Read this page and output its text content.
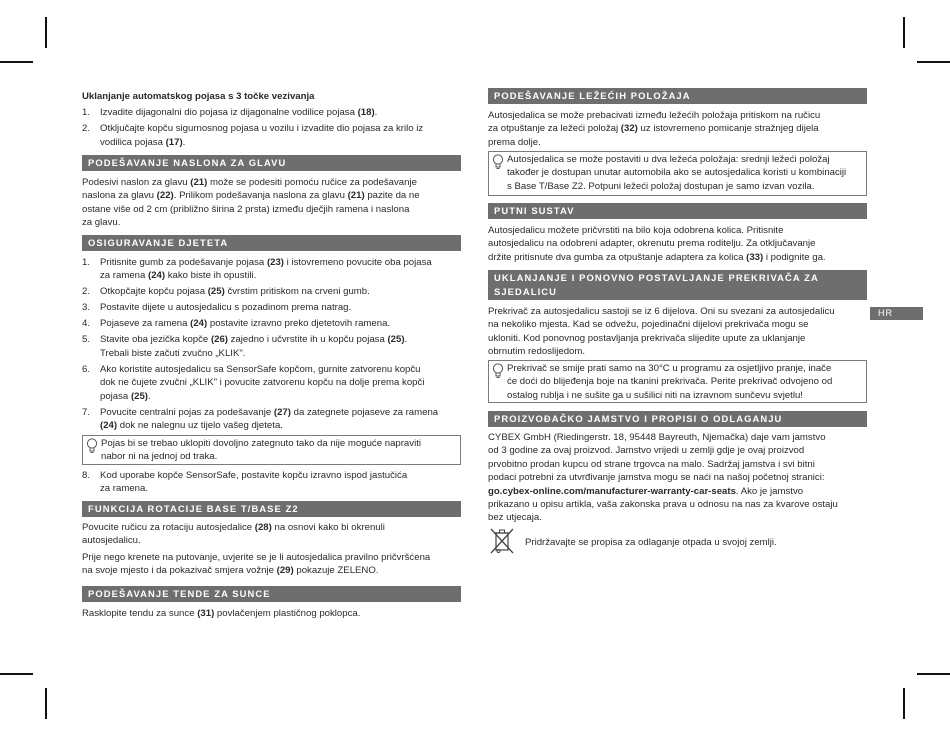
Uklanjanje automatskog pojasa s 3 točke vezivanja
PODEŠAVANJE NASLONA ZA GLAVU
OSIGURAVANJE DJETETA
FUNKCIJA ROTACIJE BASE T/BASE Z2
PODEŠAVANJE TENDE ZA SUNCE
PODEŠAVANJE LEŽEĆIH POLOŽAJA
PUTNI SUSTAV
UKLANJANJE I PONOVNO POSTAVLJANJE PREKRIVAČA ZA
SJEDALICU
PROIZVOĐAČKO JAMSTVO I PROPISI O ODLAGANJU
Pridržavajte se propisa za odlaganje otpada u svojoj zemlji.
HR
Podesivi naslon za glavu (21) može se podesiti pomoću ručice za podešavanje
naslona za glavu (22). Prilikom podešavanja naslona za glavu (21) pazite da ne
ostane više od 2 cm (približno širina 2 prsta) između dječjih ramena i naslona
za glavu.
Pojas bi se trebao uklopiti dovoljno zategnuto tako da nije moguće napraviti
nabor ni na jednoj od traka.
Povucite ručicu za rotaciju autosjedalice (28) na osnovi kako bi okrenuli
autosjedalicu.
Prije nego krenete na putovanje, uvjerite se je li autosjedalica pravilno pričvršćena
na svoje mjesto i da pokazivač smjera vožnje (29) pokazuje ZELENO.
Rasklopite tendu za sunce (31) povlačenjem plastičnog poklopca.
Autosjedalica se može prebacivati između ležećih položaja pritiskom na ručicu
za otpuštanje za ležeći položaj (32) uz istovremeno pomicanje stražnjeg dijela
prema dolje.
Autosjedalica se može postaviti u dva ležeća položaja: srednji ležeći položaj
također je dostupan unutar automobila ako se autosjedalica koristi u kombinaciji
s Base T/Base Z2. Potpuni ležeći položaj dostupan je samo izvan vozila.
Autosjedalicu možete pričvrstiti na bilo koja odobrena kolica. Pritisnite
autosjedalicu na odobreni adapter, okrenutu prema roditelju. Za otključavanje
držite pritisnute dva gumba za otpuštanje adaptera za kolica (33) i podignite ga.
Prekrivač za autosjedalicu sastoji se iz 6 dijelova. Oni su svezani za autosjedalicu
na nekoliko mjesta. Kad se odvežu, pojedinačni dijelovi prekrivača mogu se
ukloniti. Kod ponovnog postavljanja prekrivača slijedite upute za uklanjanje
obrnutim redoslijedom.
Prekrivač se smije prati samo na 30°C u programu za osjetljivo pranje, inače
će doći do blijeđenja boje na tkanini prekrivača. Perite prekrivač odvojeno od
ostalog rublja i ne sušite ga u sušilici niti na izravnom sunčevu svjetlu!
CYBEX GmbH (Riedingerstr. 18, 95448 Bayreuth, Njemačka) daje vam jamstvo
od 3 godine za ovaj proizvod. Jamstvo vrijedi u zemlji gdje je ovaj proizvod
prvobitno prodan kupcu od strane trgovca na malo. Sadržaj jamstva i svi bitni
podaci potrebni za utvrđivanje jamstva mogu se naći na našoj početnoj stranici:
go.cybex-online.com/manufacturer-warranty-car-seats. Ako je jamstvo
prikazano u opisu artikla, vaša zakonska prava u odnosu na nas za kvarove ostaju
bez utjecaja.
1. Izvadite dijagonalni dio pojasa iz dijagonalne vodilice pojasa (18).
2. Otključajte kopču sigurnosnog pojasa u vozilu i izvadite dio pojasa za krilo iz
vodilica pojasa (17).
1. Pritisnite gumb za podešavanje pojasa (23) i istovremeno povucite oba pojasa
za ramena (24) kako biste ih opustili.
2. Otkopčajte kopču pojasa (25) čvrstim pritiskom na crveni gumb.
3. Postavite dijete u autosjedalicu s pozadinom prema natrag.
4. Pojaseve za ramena (24) postavite izravno preko djetetovih ramena.
5. Stavite oba jezička kopče (26) zajedno i učvrstite ih u kopču pojasa (25).
Trebali biste začuti zvučno „KLIK".
6. Ako koristite autosjedalicu sa SensorSafe kopčom, gurnite zatvorenu kopču
dok ne čujete zvučni „KLIK" i povucite zatvorenu kopču na dolje prema kopči
pojasa (25).
7. Povucite centralni pojas za podešavanje (27) da zategnete pojaseve za ramena
(24) dok ne nalegnu uz tijelo vašeg djeteta.
8. Kod uporabe kopče SensorSafe, postavite kopču izravno ispod jastučića
za ramena.
